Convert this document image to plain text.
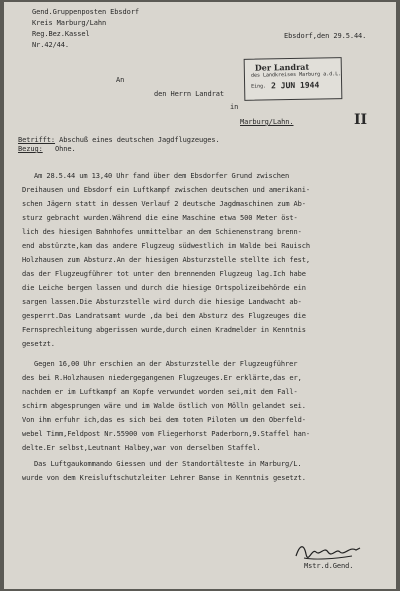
Gend.Gruppenposten Ebsdorf
Kreis Marburg/Lahn
Reg.Bez.Kassel
Nr.42/44.
Ebsdorf,den 29.5.44.
An
den Herrn Landrat
in
Marburg/Lahn.
Der Landrat
des Landkreises Marburg a.d.L.
Eing. 2 JUN 1944
II
Betrifft: Abschuß eines deutschen Jagdflugzeuges.
Bezug: Ohne.
Am 28.5.44 um 13,40 Uhr fand über dem Ebsdorfer Grund zwischen
Dreihausen und Ebsdorf ein Luftkampf zwischen deutschen und amerikani-
schen Jägern statt in dessen Verlauf 2 deutsche Jagdmaschinen zum Ab-
sturz gebracht wurden.Während die eine Maschine etwa 500 Meter öst-
lich des hiesigen Bahnhofes unmittelbar an dem Schienenstrang brenn-
end abstürzte,kam das andere Flugzeug südwestlich im Walde bei Rauisch
Holzhausen zum Absturz.An der hiesigen Absturzstelle stellte ich fest,
das der Flugzeugführer tot unter den brennenden Flugzeug lag.Ich habe
die Leiche bergen lassen und durch die hiesige Ortspolizeibehörde ein
sargen lassen.Die Absturzstelle wird durch die hiesige Landwacht ab-
gesperrt.Das Landratsamt wurde ,da bei dem Absturz des Flugzeuges die
Fernsprechleitung abgerissen wurde,durch einen Kradmelder in Kenntnis
gesetzt.
Gegen 16,00 Uhr erschien an der Absturzstelle der Flugzeugführer
des bei R.Holzhausen niedergegangenen Flugzeuges.Er erklärte,das er,
nachdem er im Luftkampf am Kopfe verwundet worden sei,mit dem Fall-
schirm abgesprungen wäre und im Walde östlich von Mölln gelandet sei.
Von ihm erfuhr ich,das es sich bei dem toten Piloten um den Oberfeld-
webel Timm,Feldpost Nr.55900 vom Fliegerhorst Paderborn,9.Staffel han-
delte.Er selbst,Leutnant Halbey,war von derselben Staffel.
Das Luftgaukommando Giessen und der Standortälteste in Marburg/L.
wurde von dem Kreisluftschutzleiter Lehrer Banse in Kenntnis gesetzt.
Mstr.d.Gend.
